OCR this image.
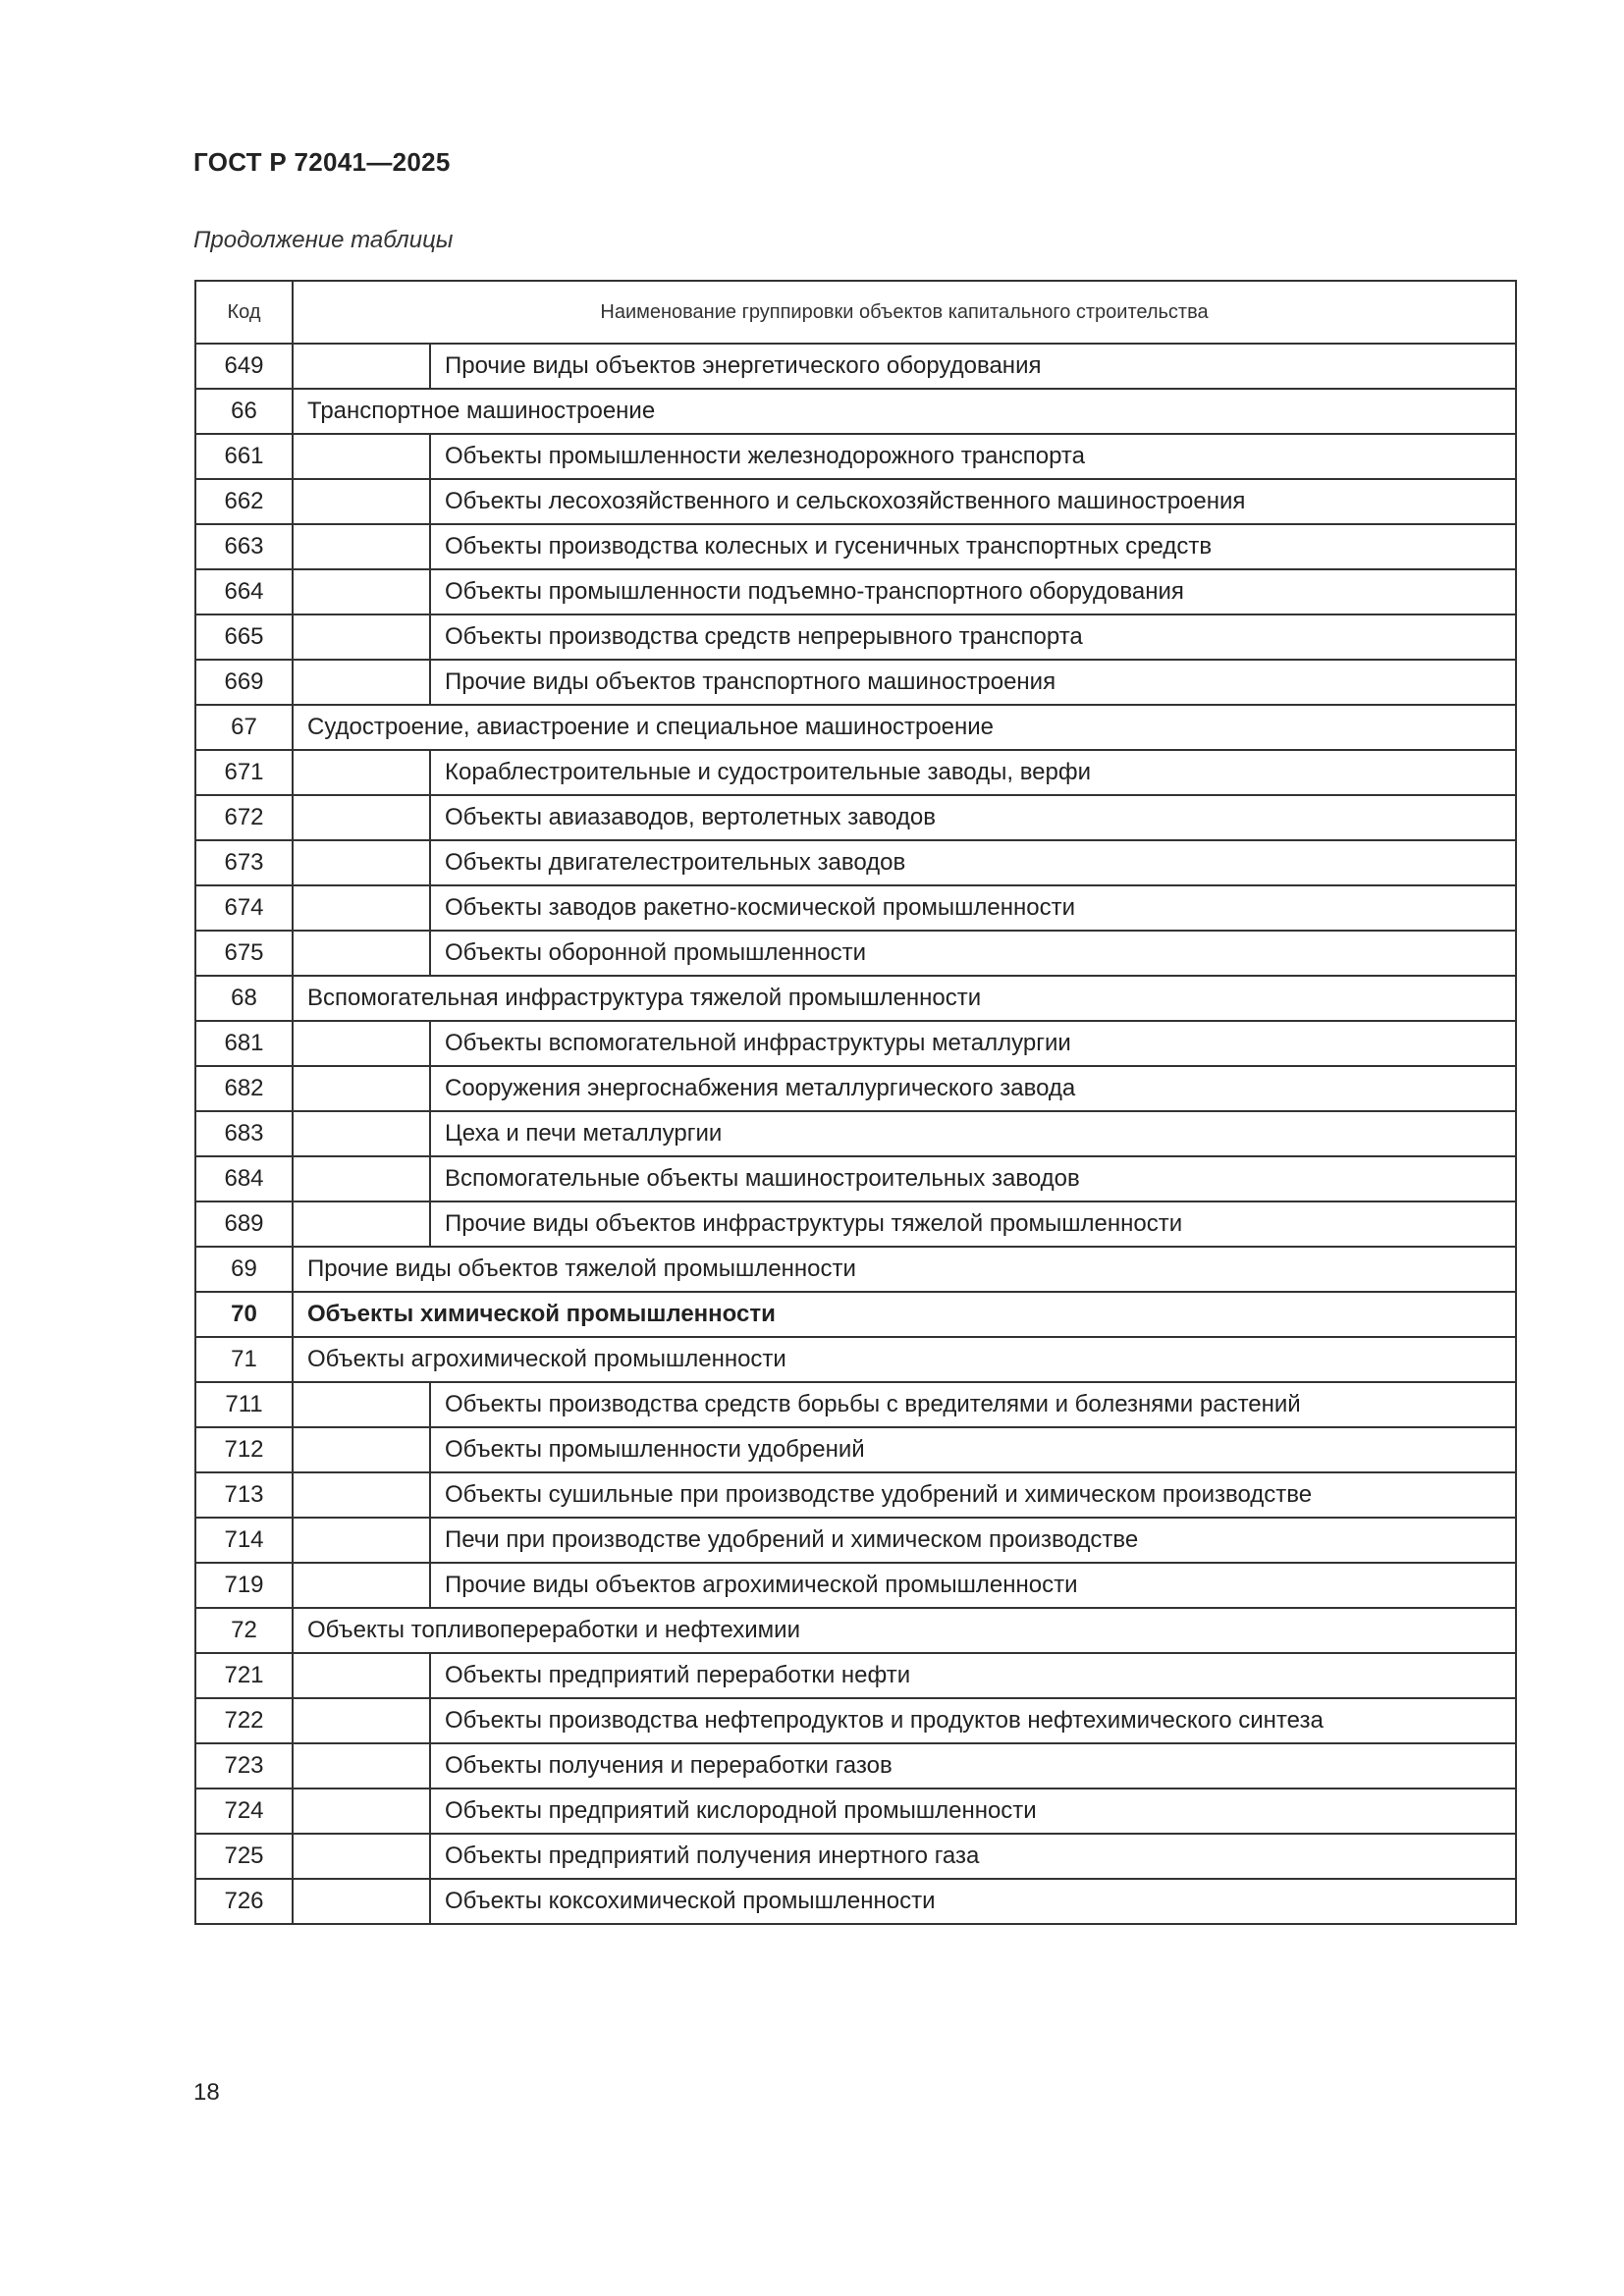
ГОСТ Р 72041—2025
Продолжение таблицы
Код	Наименование группировки объектов капитального строительства	
649		Прочие виды объектов энергетического оборудования
66	Транспортное машиностроение	
661		Объекты промышленности железнодорожного транспорта
662		Объекты лесохозяйственного и сельскохозяйственного машиностроения
663		Объекты производства колесных и гусеничных транспортных средств
664		Объекты промышленности подъемно-транспортного оборудования
665		Объекты производства средств непрерывного транспорта
669		Прочие виды объектов транспортного машиностроения
67	Судостроение, авиастроение и специальное машиностроение	
671		Кораблестроительные и судостроительные заводы, верфи
672		Объекты авиазаводов, вертолетных заводов
673		Объекты двигателестроительных заводов
674		Объекты заводов ракетно-космической промышленности
675		Объекты оборонной промышленности
68	Вспомогательная инфраструктура тяжелой промышленности	
681		Объекты вспомогательной инфраструктуры металлургии
682		Сооружения энергоснабжения металлургического завода
683		Цеха и печи металлургии
684		Вспомогательные объекты машиностроительных заводов
689		Прочие виды объектов инфраструктуры тяжелой промышленности
69	Прочие виды объектов тяжелой промышленности	
70	Объекты химической промышленности	
71	Объекты агрохимической промышленности	
711		Объекты производства средств борьбы с вредителями и болезнями растений
712		Объекты промышленности удобрений
713		Объекты сушильные при производстве удобрений и химическом производстве
714		Печи при производстве удобрений и химическом производстве
719		Прочие виды объектов агрохимической промышленности
72	Объекты топливопереработки и нефтехимии	
721		Объекты предприятий переработки нефти
722		Объекты производства нефтепродуктов и продуктов нефтехимического синтеза
723		Объекты получения и переработки газов
724		Объекты предприятий кислородной промышленности
725		Объекты предприятий получения инертного газа
726		Объекты коксохимической промышленности
18
